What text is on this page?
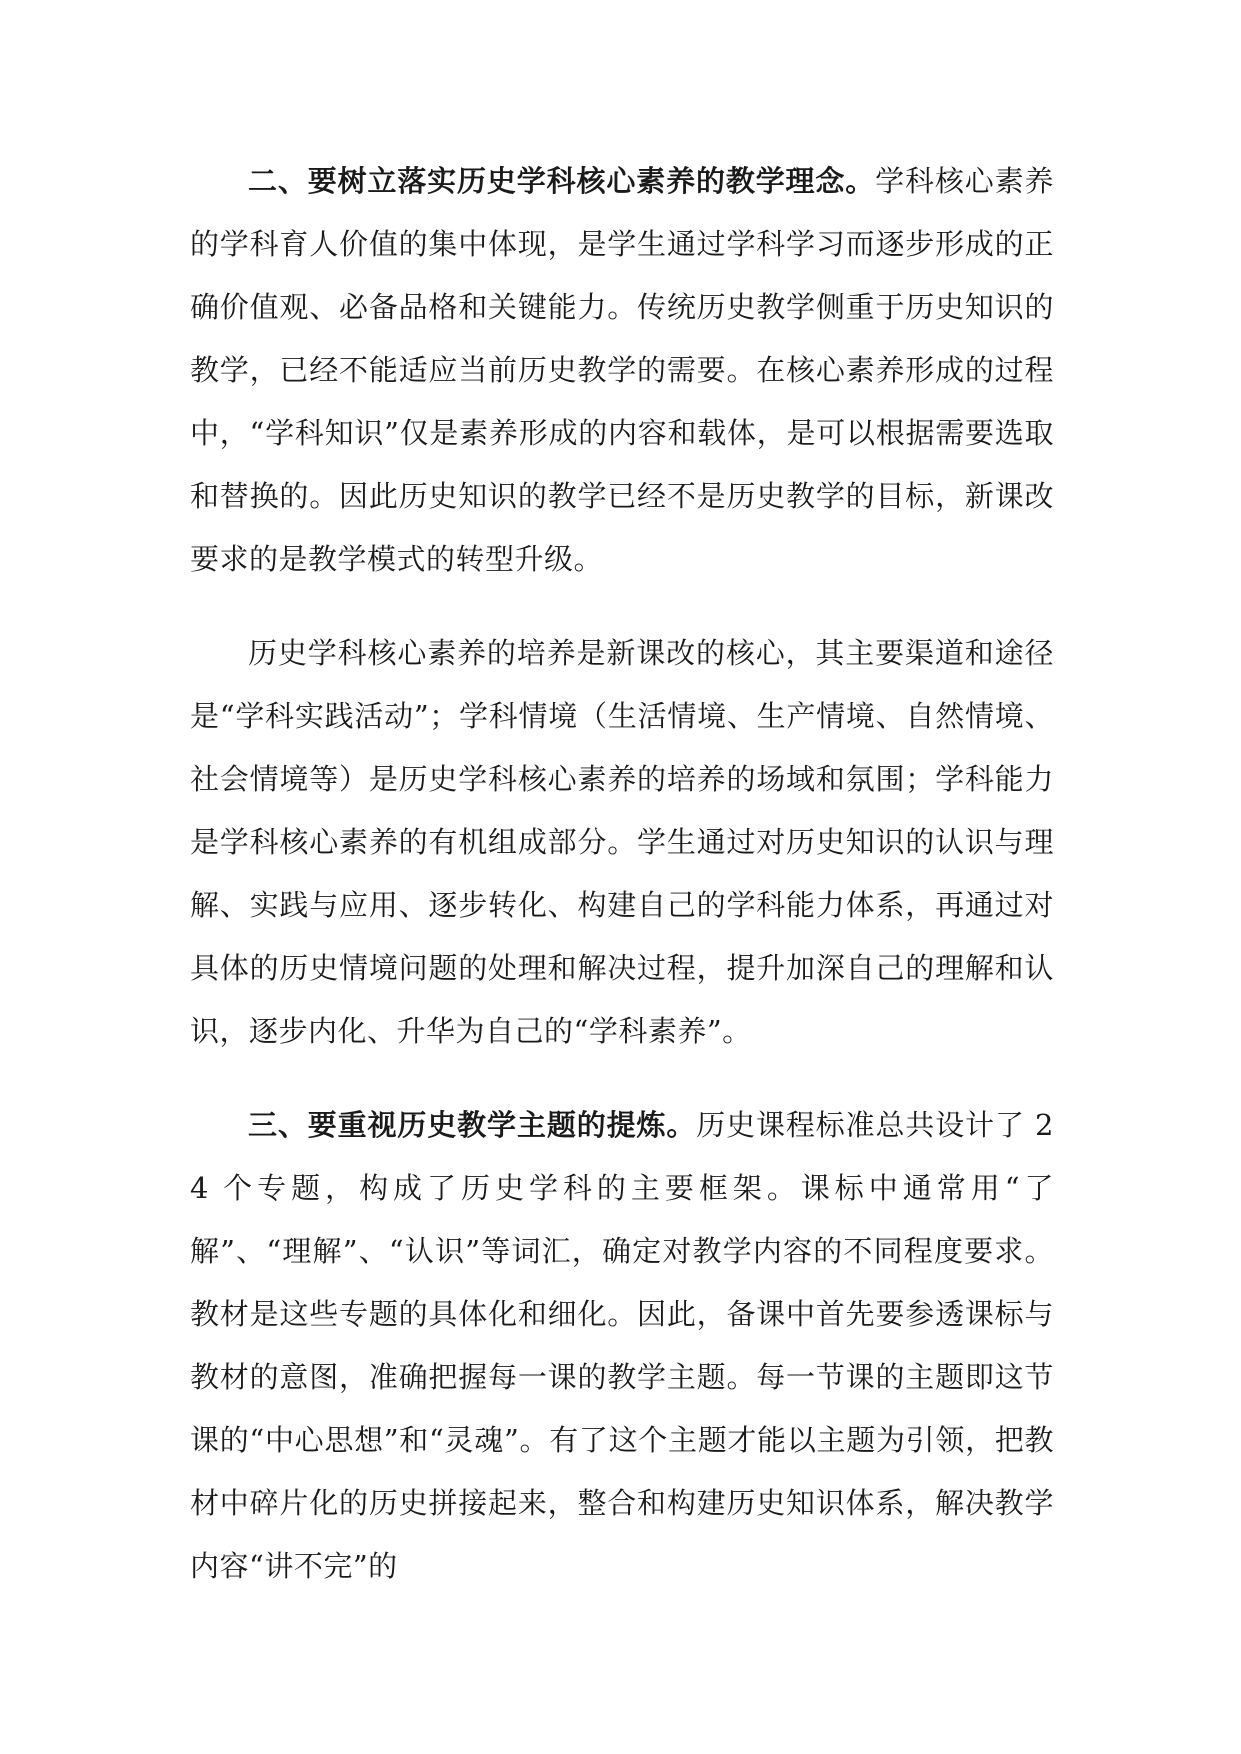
二、要树立落实历史学科核心素养的教学理念。学科核心素养的学科育人价值的集中体现，是学生通过学科学习而逐步形成的正确价值观、必备品格和关键能力。传统历史教学侧重于历史知识的教学，已经不能适应当前历史教学的需要。在核心素养形成的过程中，“学科知识”仅是素养形成的内容和载体，是可以根据需要选取和替换的。因此历史知识的教学已经不是历史教学的目标，新课改要求的是教学模式的转型升级。

历史学科核心素养的培养是新课改的核心，其主要渠道和途径是“学科实践活动”；学科情境（生活情境、生产情境、自然情境、社会情境等）是历史学科核心素养的培养的场域和氛围；学科能力是学科核心素养的有机组成部分。学生通过对历史知识的认识与理解、实践与应用、逐步转化、构建自己的学科能力体系，再通过对具体的历史情境问题的处理和解决过程，提升加深自己的理解和认识，逐步内化、升华为自己的“学科素养”。

三、要重视历史教学主题的提炼。历史课程标准总共设计了 24 个专题，构成了历史学科的主要框架。课标中通常用“了解”、“理解”、“认识”等词汇，确定对教学内容的不同程度要求。教材是这些专题的具体化和细化。因此，备课中首先要参透课标与教材的意图，准确把握每一课的教学主题。每一节课的主题即这节课的“中心思想”和“灵魂”。有了这个主题才能以主题为引领，把教材中碎片化的历史拼接起来，整合和构建历史知识体系，解决教学内容“讲不完”的
